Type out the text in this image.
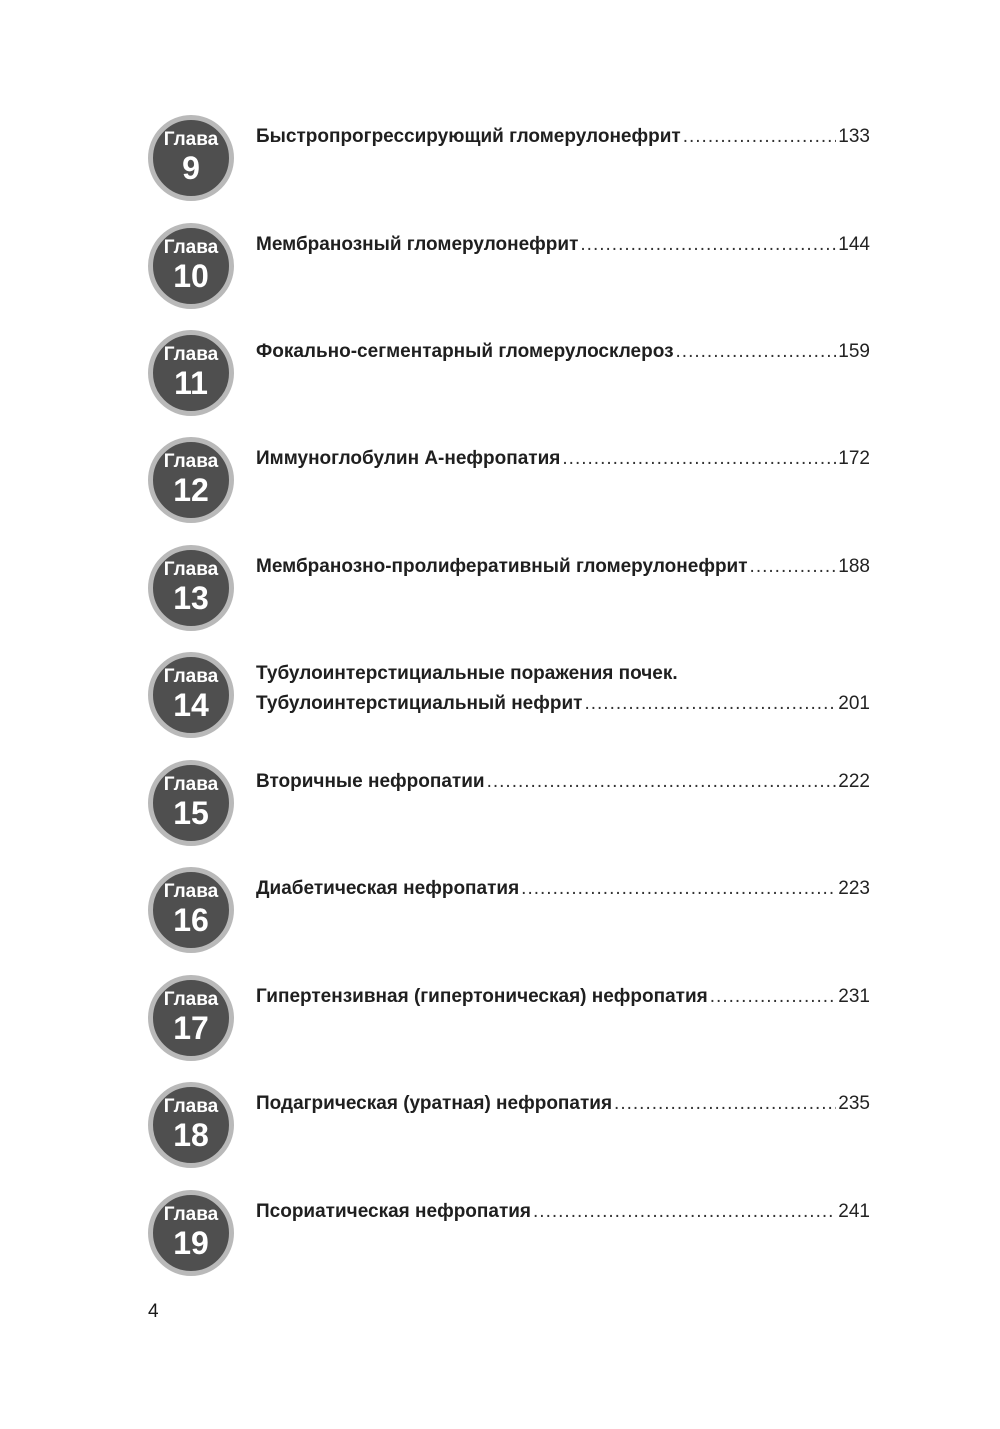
Глава
9
Быстропрогрессирующий гломерулонефрит .....	133
Глава
10
Мембранозный гломерулонефрит .....	144
Глава
11
Фокально-сегментарный гломерулосклероз .....	159
Глава
12
Иммуноглобулин А-нефропатия .....	172
Глава
13
Мембранозно-пролиферативный гломерулонефрит .....	188
Глава
14
Тубулоинтерстициальные поражения почек.
Тубулоинтерстициальный нефрит .....	201
Глава
15
Вторичные нефропатии .....	222
Глава
16
Диабетическая нефропатия .....	223
Глава
17
Гипертензивная (гипертоническая) нефропатия .....	231
Глава
18
Подагрическая (уратная) нефропатия .....	235
Глава
19
Псориатическая нефропатия .....	241
4
